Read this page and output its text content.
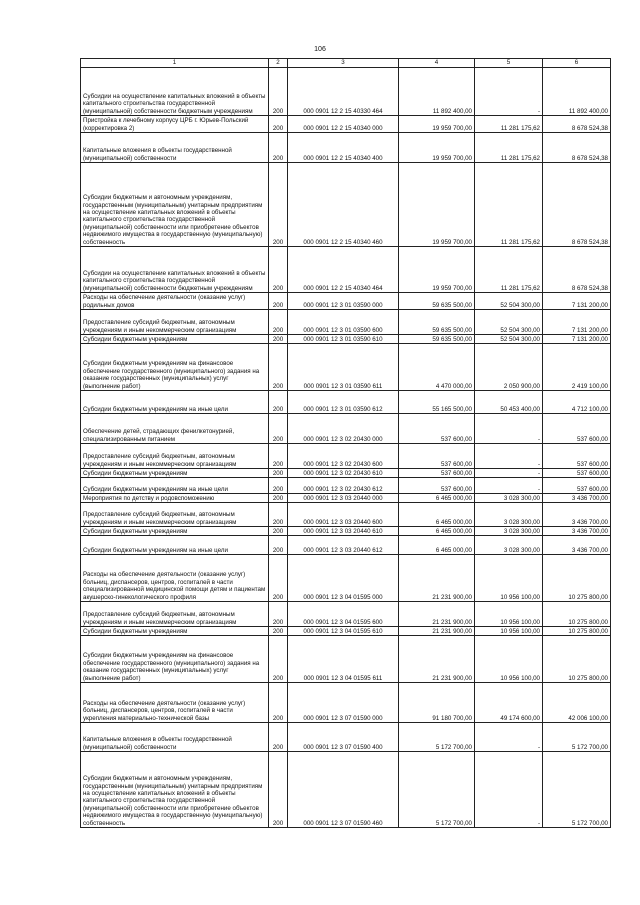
106
1	2	3	4	5	6
Субсидии на осуществление капитальных вложений в объекты капитального строительства государственной (муниципальной) собственности бюджетным учреждениям	200	000 0901 12 2 15 40330 464	11 892 400,00	-	11 892 400,00
Пристройка к лечебному корпусу ЦРБ г. Юрьев-Польский (корректировка 2)	200	000 0901 12 2 15 40340 000	19 959 700,00	11 281 175,62	8 678 524,38
Капитальные вложения в объекты государственной (муниципальной) собственности	200	000 0901 12 2 15 40340 400	19 959 700,00	11 281 175,62	8 678 524,38
Субсидии бюджетным и автономным учреждениям, государственным (муниципальным) унитарным предприятиям на осуществление капитальных вложений в объекты капитального строительства государственной (муниципальной) собственности или приобретение объектов недвижимого имущества в государственную (муниципальную) собственность	200	000 0901 12 2 15 40340 460	19 959 700,00	11 281 175,62	8 678 524,38
Субсидии на осуществление капитальных вложений в объекты капитального строительства государственной (муниципальной) собственности бюджетным учреждениям	200	000 0901 12 2 15 40340 464	19 959 700,00	11 281 175,62	8 678 524,38
Расходы на обеспечение деятельности (оказание услуг) родильных домов	200	000 0901 12 3 01 03590 000	59 635 500,00	52 504 300,00	7 131 200,00
Предоставление субсидий бюджетным, автономным учреждениям и иным некоммерческим организациям	200	000 0901 12 3 01 03590 600	59 635 500,00	52 504 300,00	7 131 200,00
Субсидии бюджетным учреждениям	200	000 0901 12 3 01 03590 610	59 635 500,00	52 504 300,00	7 131 200,00
Субсидии бюджетным учреждениям на финансовое обеспечение государственного (муниципального) задания на оказание государственных (муниципальных) услуг (выполнение работ)	200	000 0901 12 3 01 03590 611	4 470 000,00	2 050 900,00	2 419 100,00
Субсидии бюджетным учреждениям на иные цели	200	000 0901 12 3 01 03590 612	55 165 500,00	50 453 400,00	4 712 100,00
Обеспечение детей, страдающих фенилкетонурией, специализированным питанием	200	000 0901 12 3 02 20430 000	537 600,00	-	537 600,00
Предоставление субсидий бюджетным, автономным учреждениям и иным некоммерческим организациям	200	000 0901 12 3 02 20430 600	537 600,00	-	537 600,00
Субсидии бюджетным учреждениям	200	000 0901 12 3 02 20430 610	537 600,00	-	537 600,00
Субсидии бюджетным учреждениям на иные цели	200	000 0901 12 3 02 20430 612	537 600,00	-	537 600,00
Мероприятия по детству и родовспоможению	200	000 0901 12 3 03 20440 000	6 465 000,00	3 028 300,00	3 436 700,00
Предоставление субсидий бюджетным, автономным учреждениям и иным некоммерческим организациям	200	000 0901 12 3 03 20440 600	6 465 000,00	3 028 300,00	3 436 700,00
Субсидии бюджетным учреждениям	200	000 0901 12 3 03 20440 610	6 465 000,00	3 028 300,00	3 436 700,00
Субсидии бюджетным учреждениям на иные цели	200	000 0901 12 3 03 20440 612	6 465 000,00	3 028 300,00	3 436 700,00
Расходы на обеспечение деятельности (оказание услуг) больниц, диспансеров, центров, госпиталей в части специализированной медицинской помощи детям и пациентам акушерско-гинекологического профиля	200	000 0901 12 3 04 01595 000	21 231 900,00	10 956 100,00	10 275 800,00
Предоставление субсидий бюджетным, автономным учреждениям и иным некоммерческим организациям	200	000 0901 12 3 04 01595 600	21 231 900,00	10 956 100,00	10 275 800,00
Субсидии бюджетным учреждениям	200	000 0901 12 3 04 01595 610	21 231 900,00	10 956 100,00	10 275 800,00
Субсидии бюджетным учреждениям на финансовое обеспечение государственного (муниципального) задания на оказание государственных (муниципальных) услуг (выполнение работ)	200	000 0901 12 3 04 01595 611	21 231 900,00	10 956 100,00	10 275 800,00
Расходы на обеспечение деятельности (оказание услуг) больниц, диспансеров, центров, госпиталей в части укрепления материально-технической базы	200	000 0901 12 3 07 01590 000	91 180 700,00	49 174 600,00	42 006 100,00
Капитальные вложения в объекты государственной (муниципальной) собственности	200	000 0901 12 3 07 01590 400	5 172 700,00	-	5 172 700,00
Субсидии бюджетным и автономным учреждениям, государственным (муниципальным) унитарным предприятиям на осуществление капитальных вложений в объекты капитального строительства государственной (муниципальной) собственности или приобретение объектов недвижимого имущества в государственную (муниципальную) собственность	200	000 0901 12 3 07 01590 460	5 172 700,00	-	5 172 700,00
